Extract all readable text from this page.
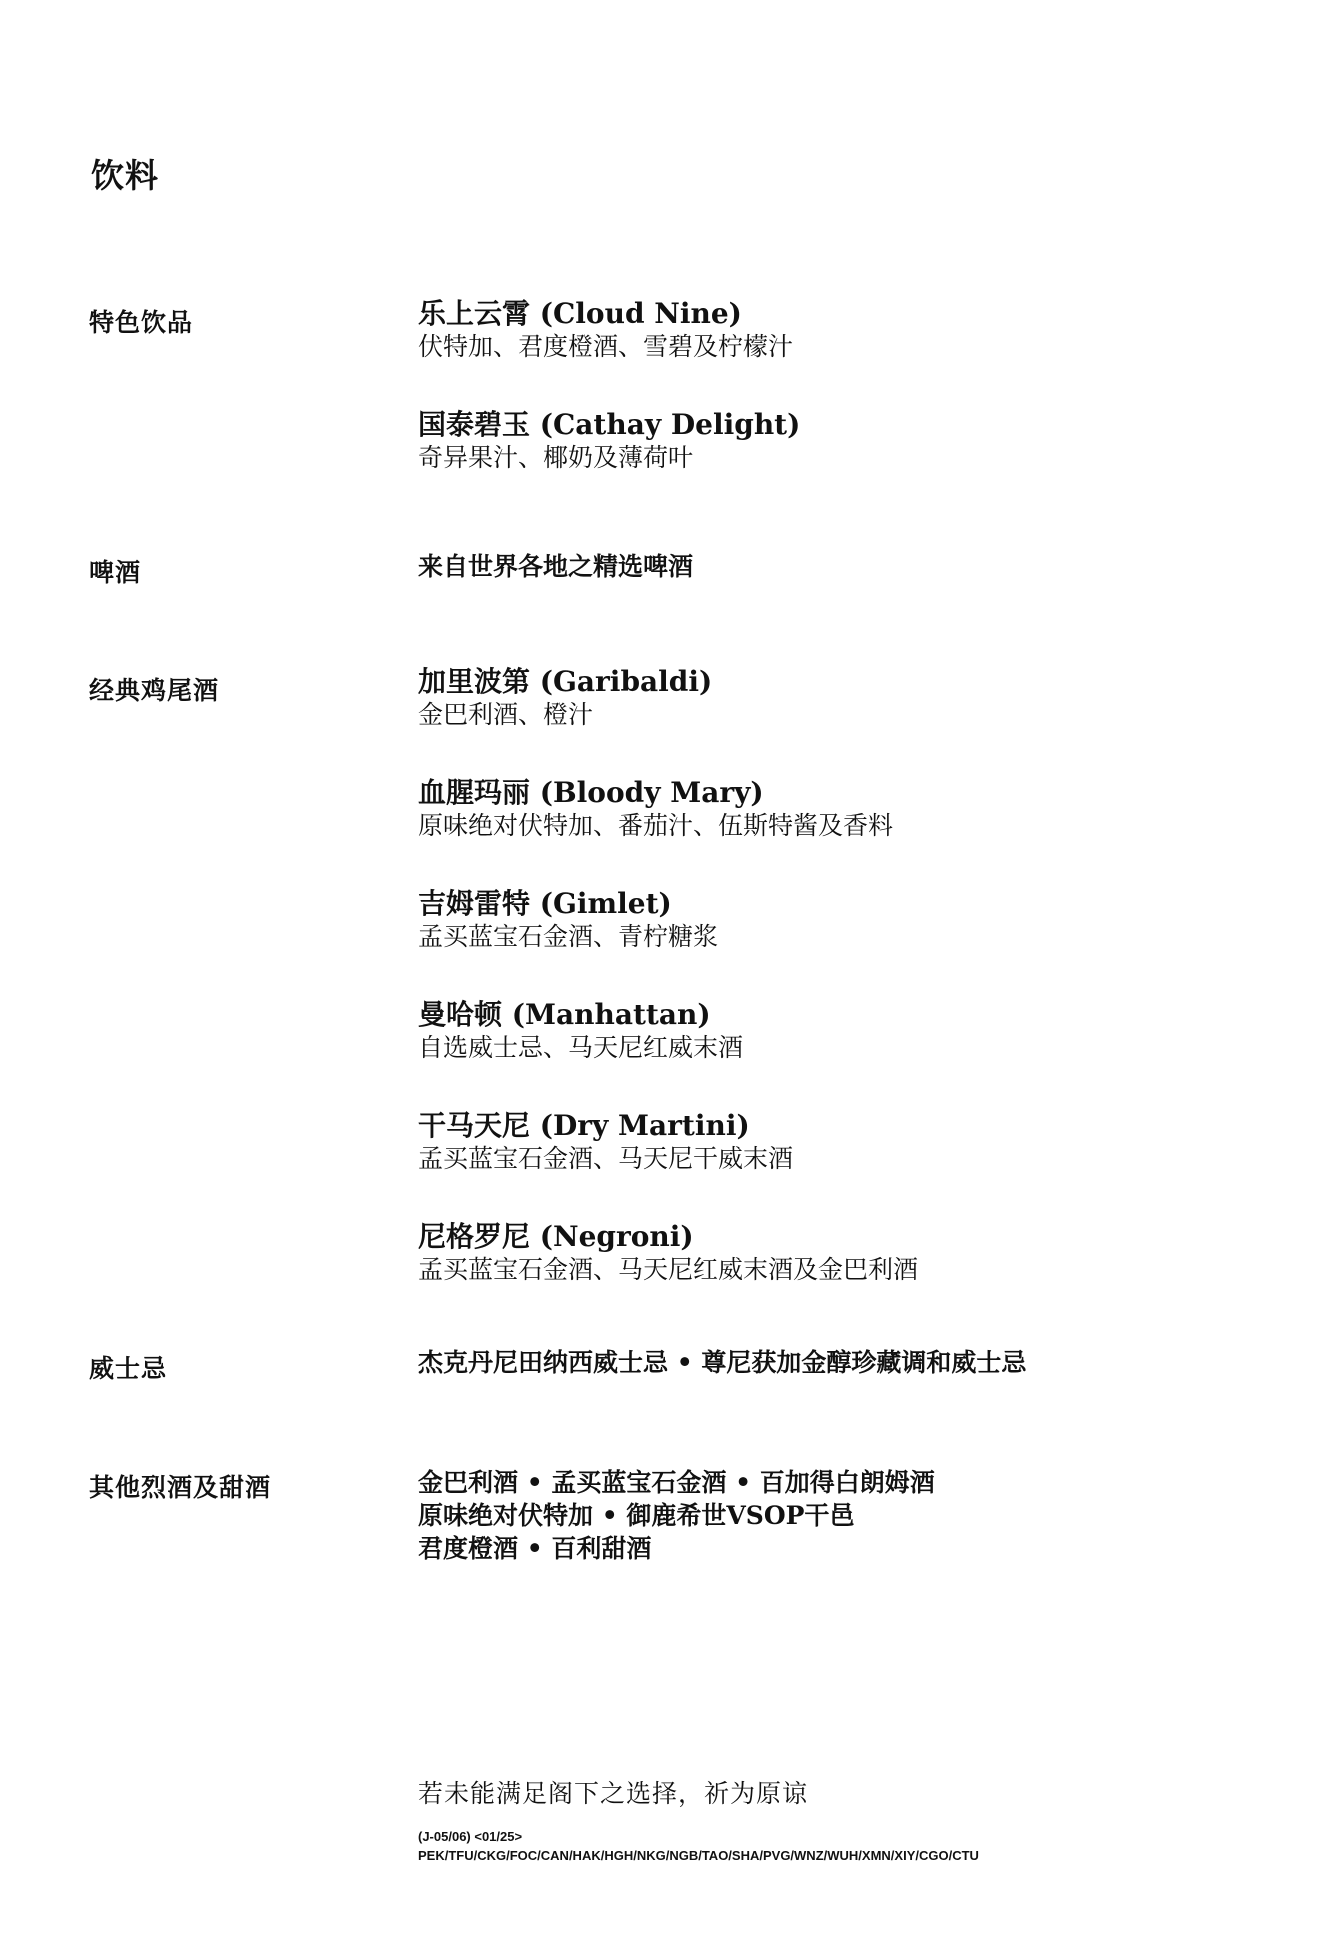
饮料
特色饮品	乐上云霄 (Cloud Nine)
伏特加、君度橙酒、雪碧及柠檬汁
国泰碧玉 (Cathay Delight)
奇异果汁、椰奶及薄荷叶
啤酒	来自世界各地之精选啤酒
经典鸡尾酒	加里波第 (Garibaldi)
金巴利酒、橙汁
血腥玛丽 (Bloody Mary)
原味绝对伏特加、番茄汁、伍斯特酱及香料
吉姆雷特 (Gimlet)
孟买蓝宝石金酒、青柠糖浆
曼哈顿 (Manhattan)
自选威士忌、马天尼红威末酒
干马天尼 (Dry Martini)
孟买蓝宝石金酒、马天尼干威末酒
尼格罗尼 (Negroni)
孟买蓝宝石金酒、马天尼红威末酒及金巴利酒
威士忌	杰克丹尼田纳西威士忌 • 尊尼获加金醇珍藏调和威士忌
其他烈酒及甜酒	金巴利酒 • 孟买蓝宝石金酒 • 百加得白朗姆酒
原味绝对伏特加 • 御鹿希世VSOP干邑
君度橙酒 • 百利甜酒
若未能满足阁下之选择，祈为原谅
(J-05/06) <01/25>
PEK/TFU/CKG/FOC/CAN/HAK/HGH/NKG/NGB/TAO/SHA/PVG/WNZ/WUH/XMN/XIY/CGO/CTU
